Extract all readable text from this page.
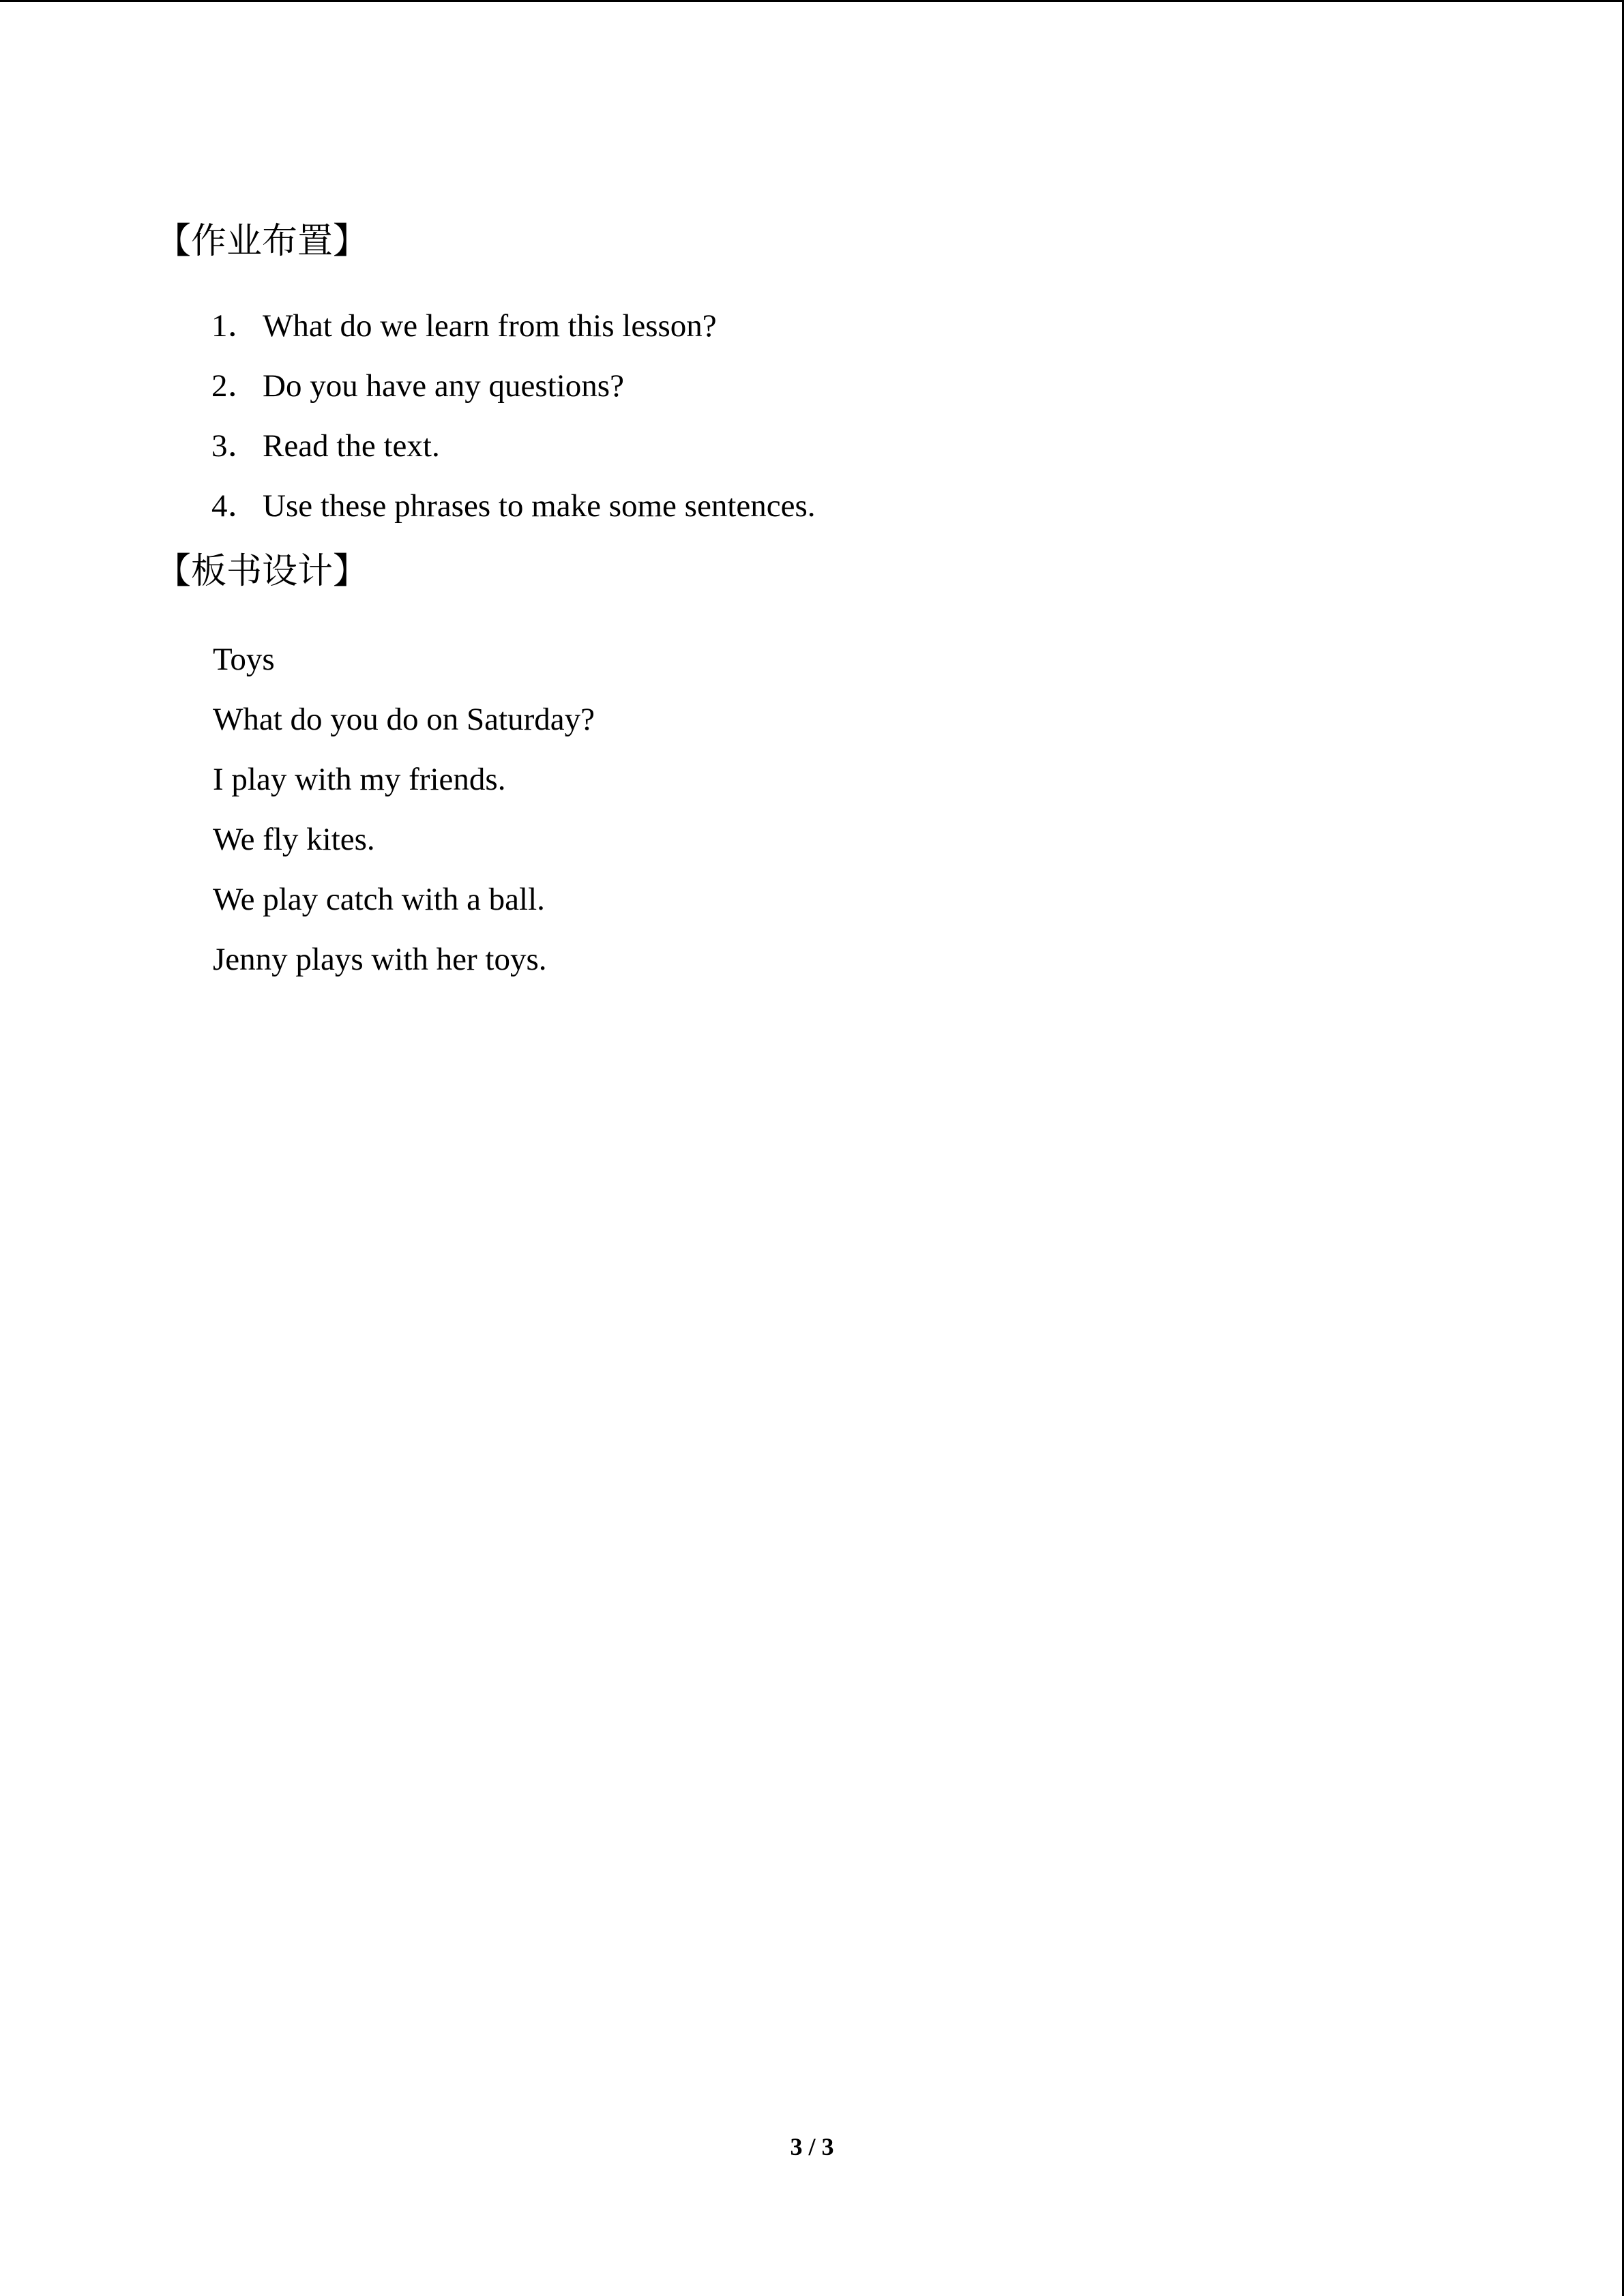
【作业布置】
1．What do we learn from this lesson?
2．Do you have any questions?
3．Read the text.
4．Use these phrases to make some sentences.
【板书设计】
Toys
What do you do on Saturday?
I play with my friends.
We fly kites.
We play catch with a ball.
Jenny plays with her toys.
3 / 3
